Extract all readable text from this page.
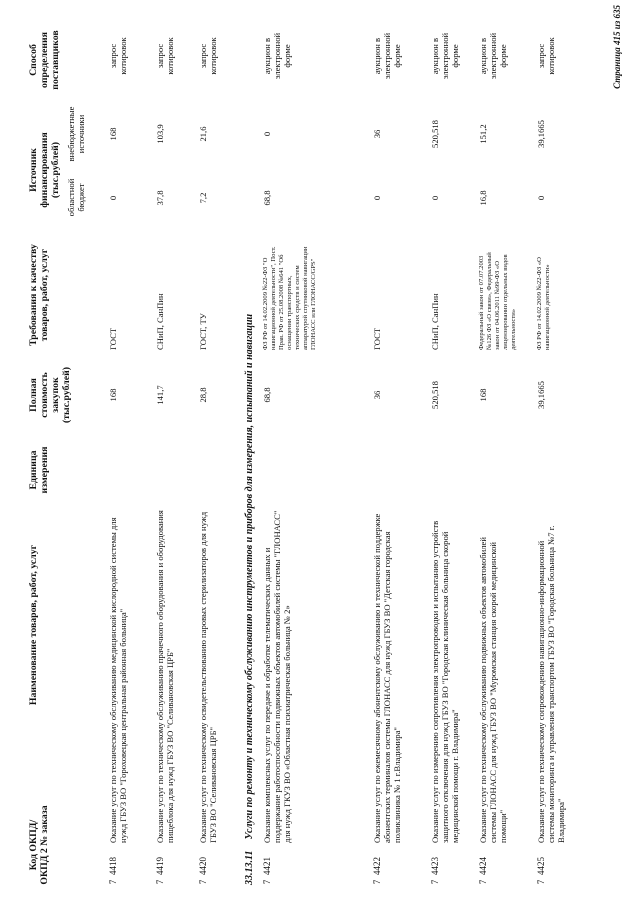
Код ОКПД/ ОКПД 2 № заказа
Наименование товаров, работ, услуг
Единица измерения
Полная стоимость закупок (тыс.рублей)
Требования к качеству товаров, работ, услуг
Источник финансирования (тыс.рублей) областной бюджет
внебюджетные источники
Способ определения поставщиков
7
4418
Оказание услуг по техническому обслуживанию медицинской кислородной системы для нужд ГБУЗ ВО "Гороховецкая центральная районная больница"
168
ГОСТ
0
168
запрос котировок
7
4419
Оказание услуг по техническому обслуживанию прачечного оборудования и оборудования пищеблока для нужд ГБУЗ ВО "Селивановская ЦРБ"
141,7
СНиП, СанПин
37,8
103,9
запрос котировок
7
4420
Оказание услуг по техническому освидетельствованию паровых стерилизаторов для нужд ГБУЗ ВО "Селивановская ЦРБ"
28,8
ГОСТ, ТУ
7,2
21,6
запрос котировок
7
4421
Оказание комплексных услуг по передаче и обработке телематических данных и поддержание работоспособности подвижных объектов автомобилей системы "ГЛОНАСС" для нужд ГКУЗ ВО «Областная психиатрическая больница № 2»
68,8
ФЗ РФ от 14.02.2009 №22-ФЗ "О навигационной деятельности", Пост. Прав. РФ от 25.08.2008 №641 "Об оснащении транспортных, технических средств и систем аппаратурой спутниковой навигации ГЛОНАСС или ГЛОНАСС/GPS"
68,8
0
аукцион в электронной форме
7
4422
Оказание услуг по ежемесячному абонентскому обслуживанию и технической поддержке абонентских терминалов системы ГЛОНАСС для нужд ГБУЗ ВО "Детская городская поликлиника № 1 г.Владимира"
36
ГОСТ
0
36
аукцион в электронной форме
7
4423
Оказание услуг по измерению сопротивления электропроводки и испытанию устройств защитного отключения для нужд ГБУЗ ВО "Городская клиническая больница скорой медицинской помощи г. Владимира"
520,518
СНиП, СанПин
0
520,518
аукцион в электронной форме
7
4424
Оказание услуг по техническому обслуживанию подвижных объектов автомобилей системы ГЛОНАСС для нужд ГБУЗ ВО "Муромская станция скорой медицинской помощи"
168
Федеральный закон от 07.07.2003 №126 ФЗ «О связи», Федеральный закон от 04.06.2011 №99-ФЗ «О лицензировании отдельных видов деятельности»
16,8
151,2
аукцион в электронной форме
7
4425
Оказание услуг по техническому сопровождению навигационно-информационной системы мониторинга и управления транспортом ГБУЗ ВО "Городская больница №7 г. Владимира"
39,1665
ФЗ РФ от 14.02.2009 №22-ФЗ «О навигационной деятельности»
0
39,1665
запрос котировок
33.13.11  Услуги по ремонту и техническому обслуживанию инструментов и приборов для измерения, испытаний и навигации
Страница 415 из 635
